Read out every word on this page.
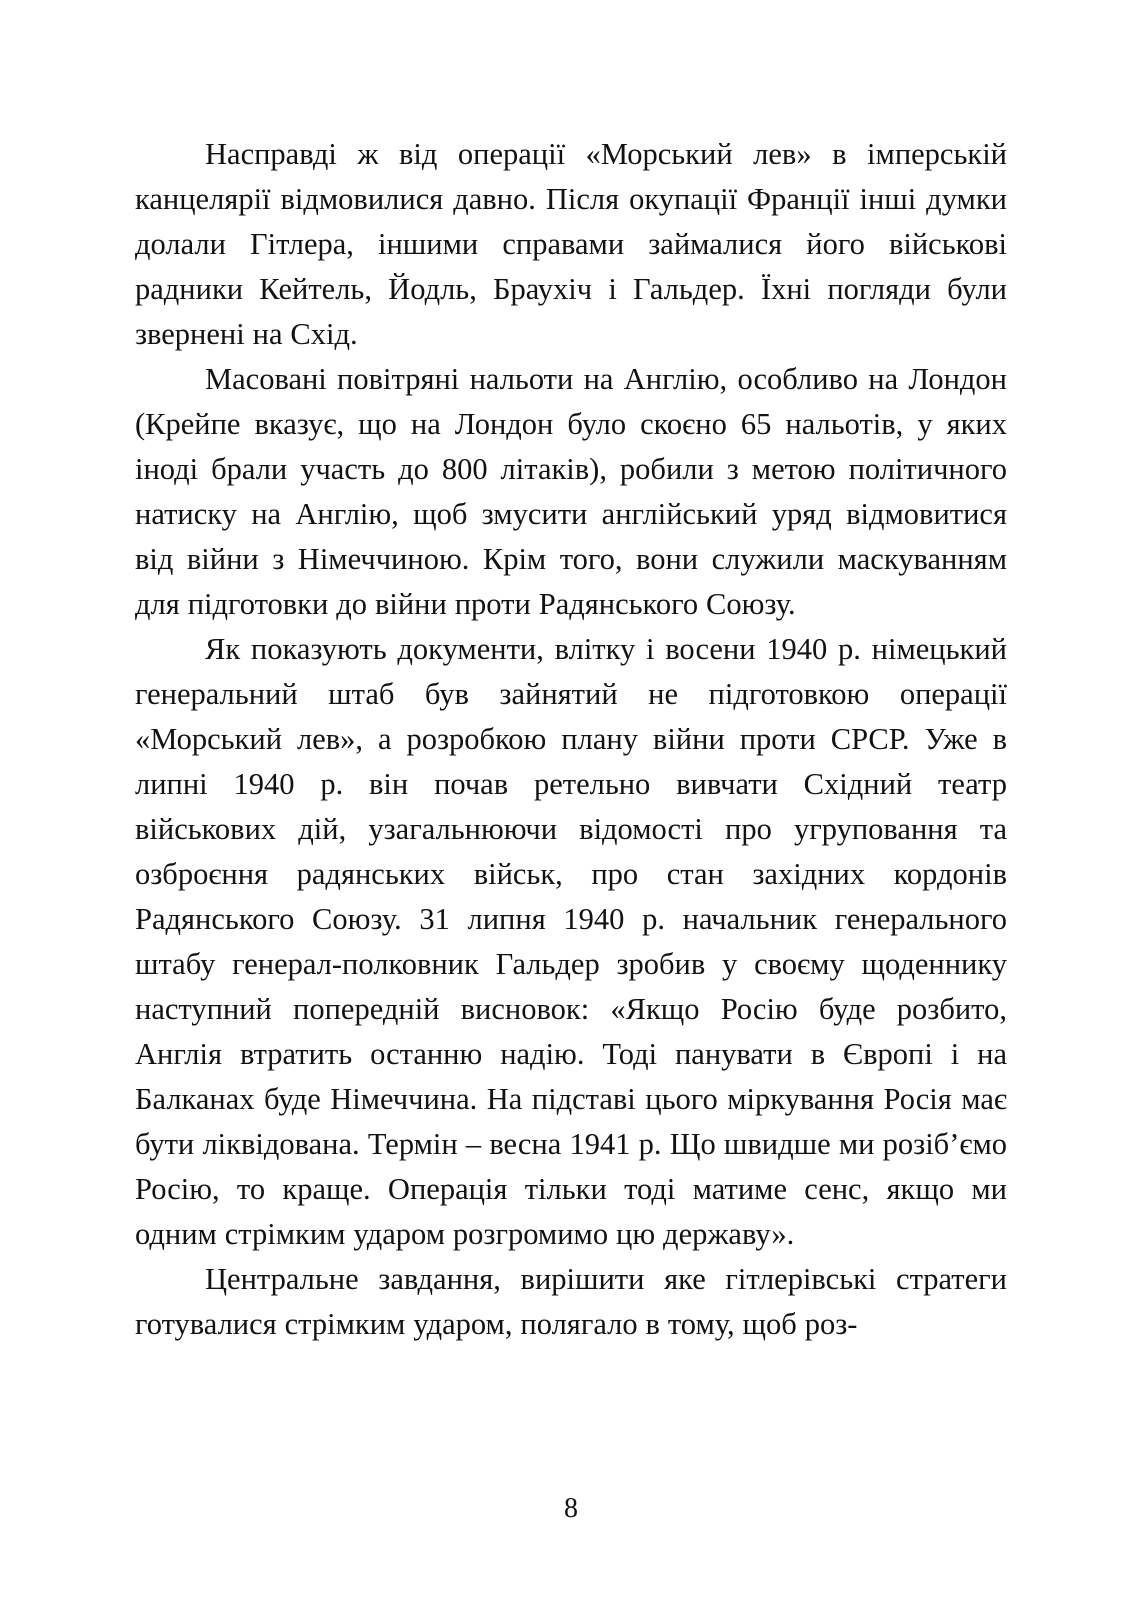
Насправді ж від операції «Морський лев» в імперській канцелярії відмовилися давно. Після окупації Франції інші думки долали Гітлера, іншими справами займалися його військові радники Кейтель, Йодль, Браухіч і Гальдер. Їхні погляди були звернені на Схід.

Масовані повітряні нальоти на Англію, особливо на Лондон (Крейпе вказує, що на Лондон було скоєно 65 нальотів, у яких іноді брали участь до 800 літаків), робили з метою політичного натиску на Англію, щоб змусити англійський уряд відмовитися від війни з Німеччиною. Крім того, вони служили маскуванням для підготовки до війни проти Радянського Союзу.

Як показують документи, влітку і восени 1940 р. німецький генеральний штаб був зайнятий не підготовкою операції «Морський лев», а розробкою плану війни проти СРСР. Уже в липні 1940 р. він почав ретельно вивчати Східний театр військових дій, узагальнюючи відомості про угруповання та озброєння радянських військ, про стан західних кордонів Радянського Союзу. 31 липня 1940 р. начальник генерального штабу генерал-полковник Гальдер зробив у своєму щоденнику наступний попередній висновок: «Якщо Росію буде розбито, Англія втратить останню надію. Тоді панувати в Європі і на Балканах буде Німеччина. На підставі цього міркування Росія має бути ліквідована. Термін – весна 1941 р. Що швидше ми розіб’ємо Росію, то краще. Операція тільки тоді матиме сенс, якщо ми одним стрімким ударом розгромимо цю державу».

Центральне завдання, вирішити яке гітлерівські стратеги готувалися стрімким ударом, полягало в тому, щоб роз-

8
